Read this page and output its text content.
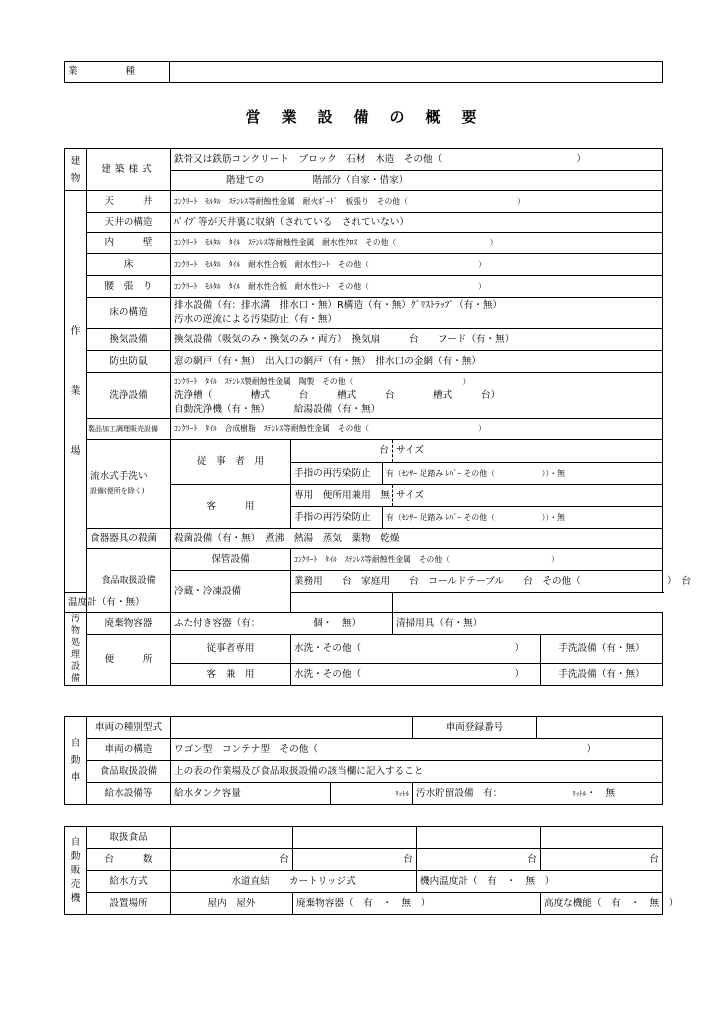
業　　　　　種	
営　業　設　備　の　概　要
建物	建築様式	鉄骨又は鉄筋コンクリート　ブロック　石材　木造　その他（　　　　　　　　　　　　　　）					
		階建ての　　　　　階部分（自家・借家）					
作業場	天　　　井	ｺﾝｸﾘｰﾄ　ﾓﾙﾀﾙ　ｽﾃﾝﾚｽ等耐蝕性金属　耐火ﾎﾞｰﾄﾞ　板張り　その他（　　　　　　　　　　　　　　）					
	天井の構造	ﾊﾟｲﾌﾟ等が天井裏に収納（されている　されていない）					
	内　　　壁	ｺﾝｸﾘｰﾄ　ﾓﾙﾀﾙ　ﾀｲﾙ　ｽﾃﾝﾚｽ等耐蝕性金属　耐水性ｸﾛｽ　その他（　　　　　　　　　　　　）					
	床	ｺﾝｸﾘｰﾄ　ﾓﾙﾀﾙ　ﾀｲﾙ　耐水性合板　耐水性ｼｰﾄ　その他（　　　　　　　　　　　　　　）					
	腰　張　り	ｺﾝｸﾘｰﾄ　ﾓﾙﾀﾙ　ﾀｲﾙ　耐水性合板　耐水性ｼｰﾄ　その他（　　　　　　　　　　　　　　）					
	床の構造	排水設備（有：排水溝　排水口・無）R構造（有・無）ｸﾞﾘｽﾄﾗｯﾌﾟ（有・無）
汚水の逆流による汚染防止（有・無）					

	換気設備	換気設備（吸気のみ・換気のみ・両方）　換気扇　　　台　　フード（有・無）					
	防虫防鼠	窓の網戸（有・無）　出入口の網戸（有・無）　排水口の金網（有・無）					
	洗浄設備	ｺﾝｸﾘｰﾄ　ﾀｲﾙ　ｽﾃﾝﾚｽ製耐蝕性金属　陶製　その他（　　　　　　　　　　　　　　）
洗浄槽（　　　　槽式　　　台　　　槽式　　　台　　　　槽式　　　台）
自動洗浄機（有・無）　　　給湯設備（有・無）					

	製品加工調理販売設備	ｺﾝｸﾘｰﾄ　ﾀｲﾙ　合成樹脂　ｽﾃﾝﾚｽ等耐蝕性金属　その他（　　　　　　　　　　　　　　）					

	流水式手洗い
設備(便所を除く)	従　事　者　用	台		サイズ		
			手指の再汚染防止	有（ｾﾝｻｰ 足踏み ﾚﾊﾞｰ その他（　　　　　　））・無			
		客　　　用	専用　便所用兼用　無		サイズ		
			手指の再汚染防止	有（ｾﾝｻｰ 足踏み ﾚﾊﾞｰ その他（　　　　　　））・無			
	食器器具の殺菌	殺菌設備（有・無）　煮沸　熱湯　蒸気　薬物　乾燥					
	食品取扱設備	保管設備	ｺﾝｸﾘｰﾄ　ﾀｲﾙ　ｽﾃﾝﾚｽ等耐蝕性金属　その他（　　　　　　　　　　　　　）	
		冷蔵・冷凍設備	業務用　　台　家庭用　　台　コールドテーブル　　台　その他（　　　　　　　　　）　台				
温度計（有・無）							
汚物処理設備	廃棄物容器	ふた付き容器（有：　　　　　　個・　無）			清掃用具（有・無）		
	便　　　所	従事者専用	水洗・その他（　　　　　　　　　　　　　　　　）			手洗設備（有・無）	
		客　兼　用	水洗・その他（　　　　　　　　　　　　　　　　）			手洗設備（有・無）	
自動車	車両の種別型式			車両登録番号	
	車両の構造	ワゴン型　コンテナ型　その他（　　　　　　　　　　　　　　　　　　　　　　　　　　　　）			
	食品取扱設備	上の表の作業場及び食品取扱設備の該当欄に記入すること			
	給水設備等	給水タンク容量	ﾘｯﾄﾙ	汚水貯留設備　有： ﾘｯﾄﾙ・　無	
自動販売機	取扱食品				
	台　　　数	台	台	台	台
	給水方式	水道直結　　カートリッジ式		機内温度計（　有　・　無　）	
	設置場所	屋内　屋外	廃棄物容器（　有　・　無　）		高度な機能（　有　・　無　）
